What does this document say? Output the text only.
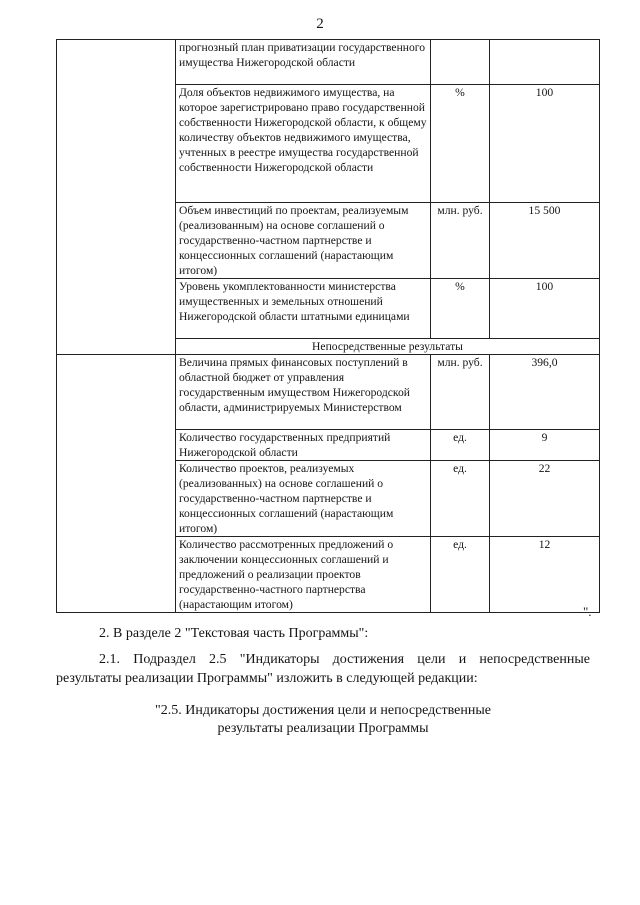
2
	прогнозный план приватизации государственного имущества Нижегородской области		
	Доля объектов недвижимого имущества, на которое зарегистрировано право государственной собственности Нижегородской области, к общему количеству объектов недвижимого имущества, учтенных в реестре имущества государственной собственности Нижегородской области	%	100
	Объем инвестиций по проектам, реализуемым (реализованным) на основе соглашений о государственно-частном партнерстве и концессионных соглашений (нарастающим итогом)	млн. руб.	15 500
	Уровень укомплектованности министерства имущественных и земельных отношений Нижегородской области штатными единицами	%	100
	Непосредственные результаты		
	Величина прямых финансовых поступлений в областной бюджет от управления государственным имуществом Нижегородской области, администрируемых Министерством	млн. руб.	396,0
	Количество государственных предприятий Нижегородской области	ед.	9
	Количество проектов, реализуемых (реализованных) на основе соглашений о государственно-частном партнерстве и концессионных соглашений (нарастающим итогом)	ед.	22
	Количество рассмотренных предложений о заключении концессионных соглашений и предложений о реализации проектов государственно-частного партнерства (нарастающим итогом)	ед.	12
".
2. В разделе 2 "Текстовая часть Программы":
2.1. Подраздел 2.5 "Индикаторы достижения цели и непосредственные результаты реализации Программы" изложить в следующей редакции:
"2.5. Индикаторы достижения цели и непосредственные
результаты реализации Программы
